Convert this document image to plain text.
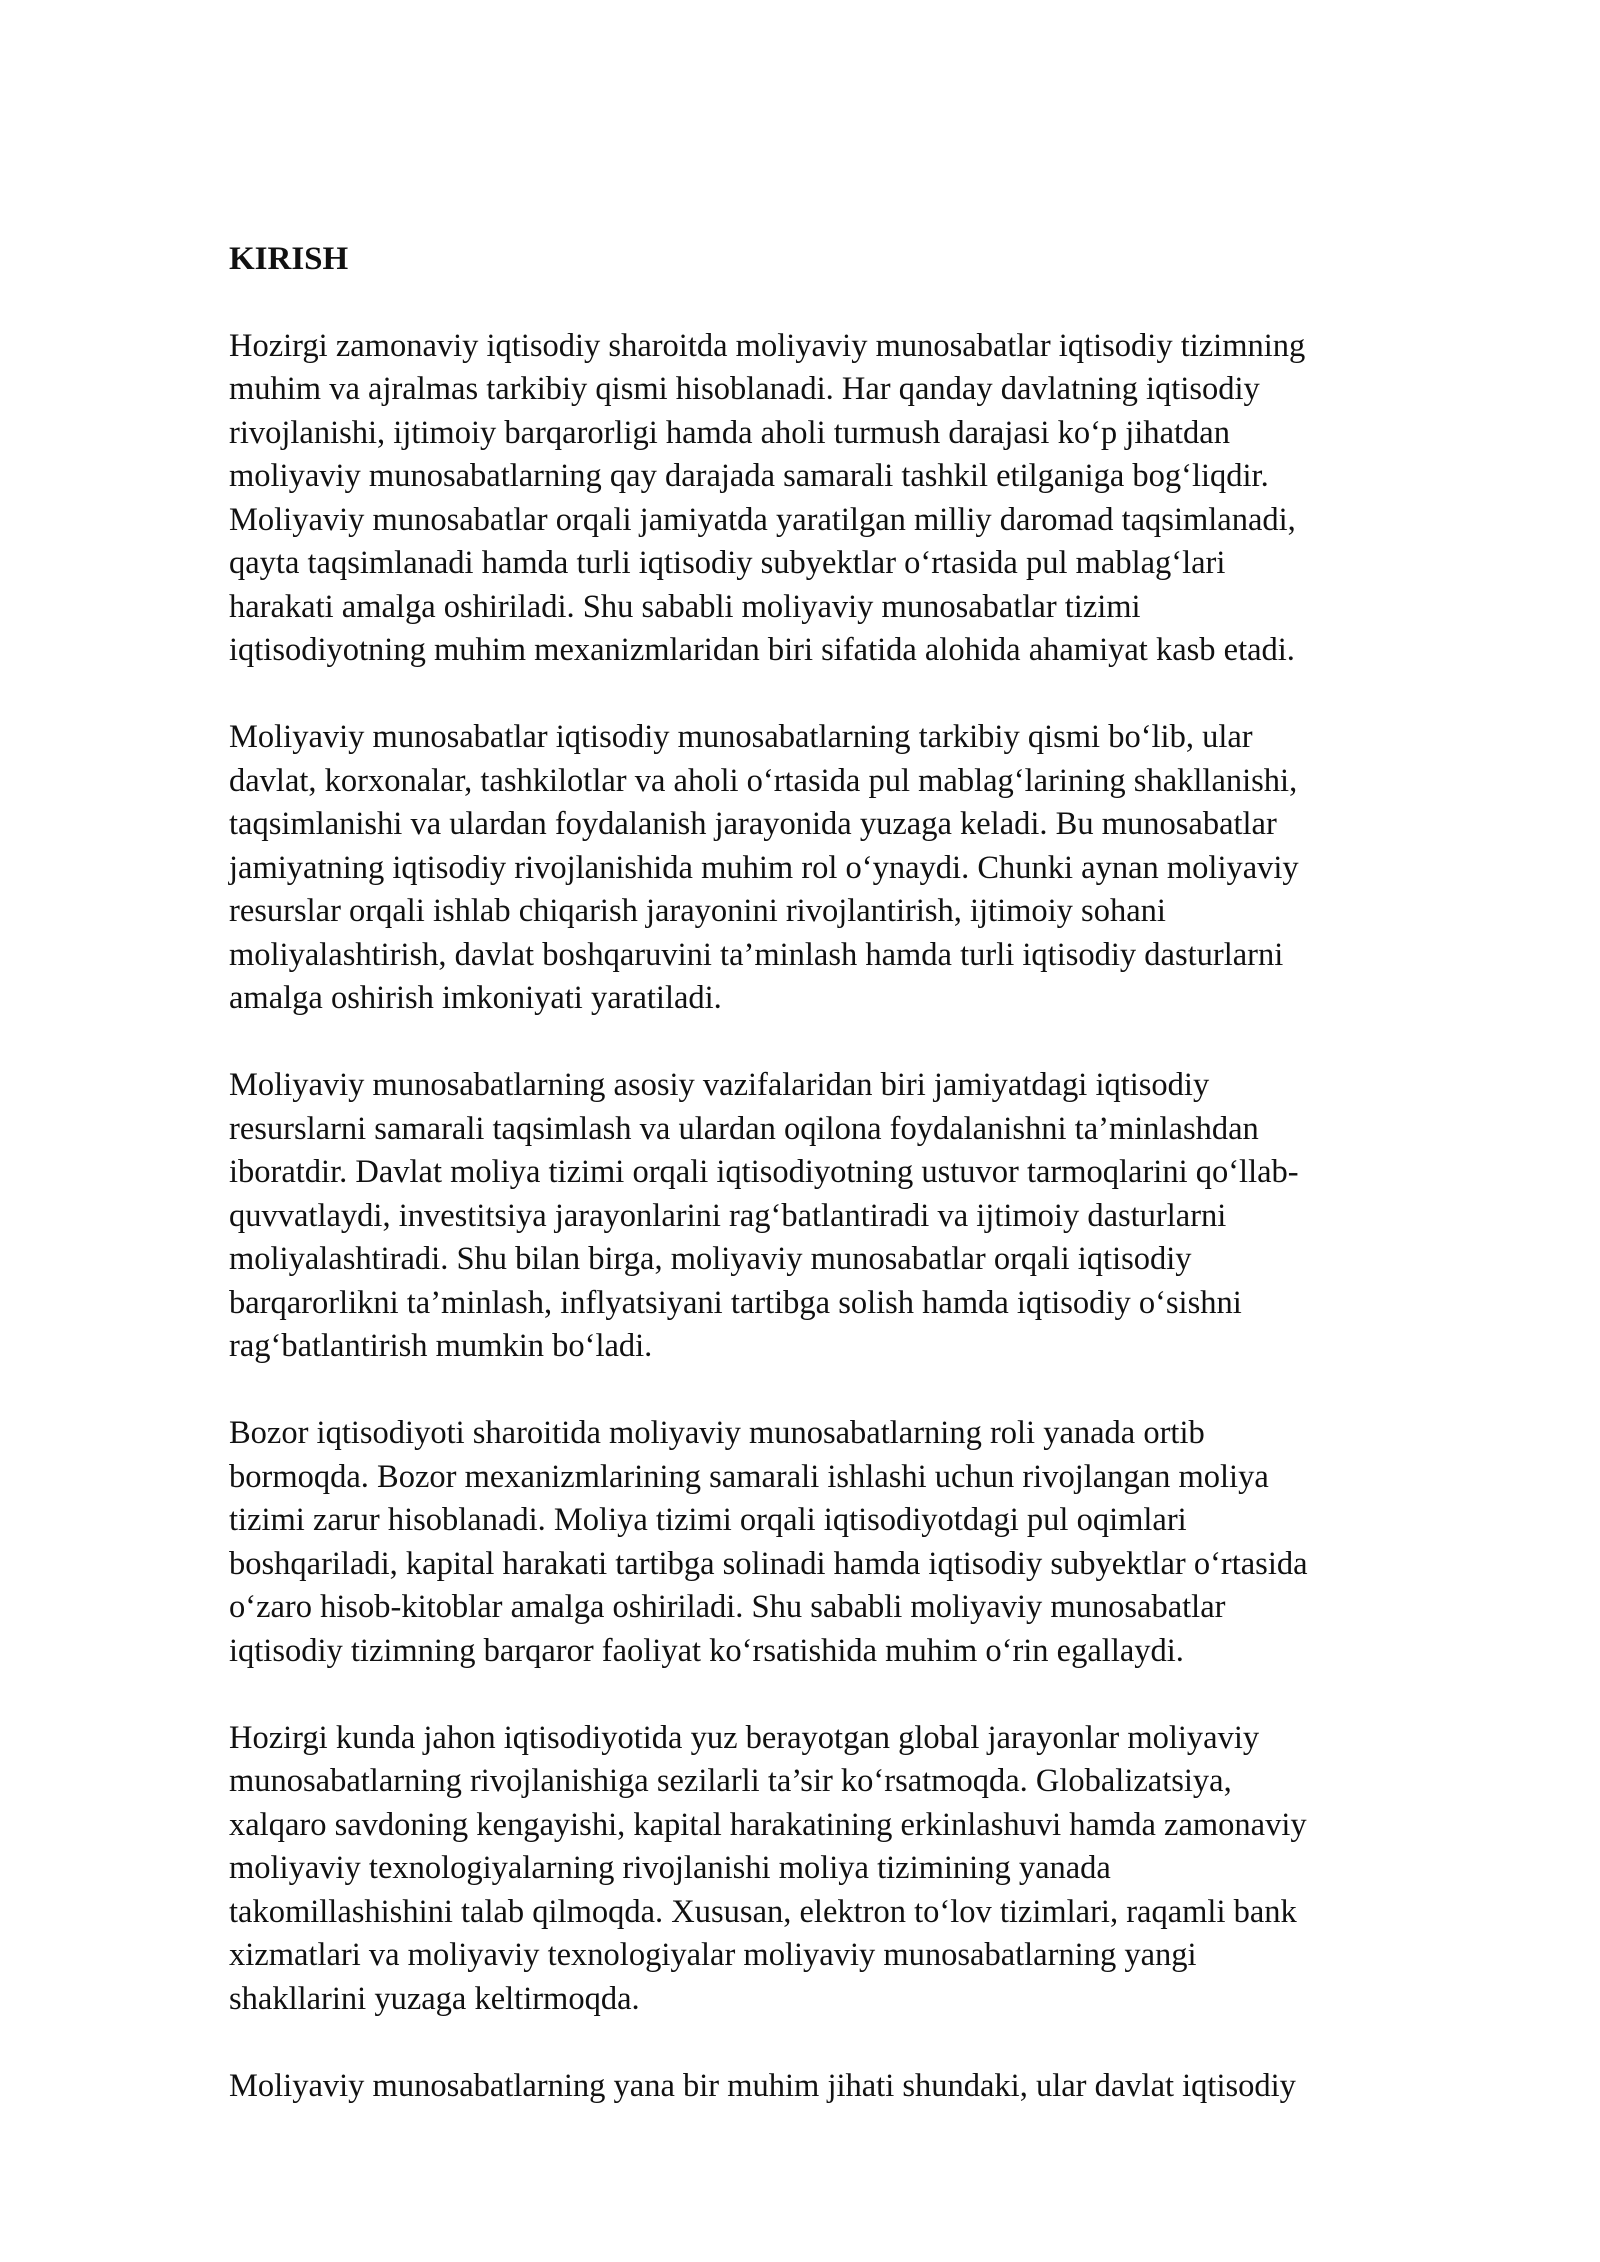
KIRISH

Hozirgi zamonaviy iqtisodiy sharoitda moliyaviy munosabatlar iqtisodiy tizimning
muhim va ajralmas tarkibiy qismi hisoblanadi. Har qanday davlatning iqtisodiy
rivojlanishi, ijtimoiy barqarorligi hamda aholi turmush darajasi ko‘p jihatdan
moliyaviy munosabatlarning qay darajada samarali tashkil etilganiga bog‘liqdir.
Moliyaviy munosabatlar orqali jamiyatda yaratilgan milliy daromad taqsimlanadi,
qayta taqsimlanadi hamda turli iqtisodiy subyektlar o‘rtasida pul mablag‘lari
harakati amalga oshiriladi. Shu sababli moliyaviy munosabatlar tizimi
iqtisodiyotning muhim mexanizmlaridan biri sifatida alohida ahamiyat kasb etadi.

Moliyaviy munosabatlar iqtisodiy munosabatlarning tarkibiy qismi bo‘lib, ular
davlat, korxonalar, tashkilotlar va aholi o‘rtasida pul mablag‘larining shakllanishi,
taqsimlanishi va ulardan foydalanish jarayonida yuzaga keladi. Bu munosabatlar
jamiyatning iqtisodiy rivojlanishida muhim rol o‘ynaydi. Chunki aynan moliyaviy
resurslar orqali ishlab chiqarish jarayonini rivojlantirish, ijtimoiy sohani
moliyalashtirish, davlat boshqaruvini ta’minlash hamda turli iqtisodiy dasturlarni
amalga oshirish imkoniyati yaratiladi.

Moliyaviy munosabatlarning asosiy vazifalaridan biri jamiyatdagi iqtisodiy
resurslarni samarali taqsimlash va ulardan oqilona foydalanishni ta’minlashdan
iboratdir. Davlat moliya tizimi orqali iqtisodiyotning ustuvor tarmoqlarini qo‘llab-
quvvatlaydi, investitsiya jarayonlarini rag‘batlantiradi va ijtimoiy dasturlarni
moliyalashtiradi. Shu bilan birga, moliyaviy munosabatlar orqali iqtisodiy
barqarorlikni ta’minlash, inflyatsiyani tartibga solish hamda iqtisodiy o‘sishni
rag‘batlantirish mumkin bo‘ladi.

Bozor iqtisodiyoti sharoitida moliyaviy munosabatlarning roli yanada ortib
bormoqda. Bozor mexanizmlarining samarali ishlashi uchun rivojlangan moliya
tizimi zarur hisoblanadi. Moliya tizimi orqali iqtisodiyotdagi pul oqimlari
boshqariladi, kapital harakati tartibga solinadi hamda iqtisodiy subyektlar o‘rtasida
o‘zaro hisob-kitoblar amalga oshiriladi. Shu sababli moliyaviy munosabatlar
iqtisodiy tizimning barqaror faoliyat ko‘rsatishida muhim o‘rin egallaydi.

Hozirgi kunda jahon iqtisodiyotida yuz berayotgan global jarayonlar moliyaviy
munosabatlarning rivojlanishiga sezilarli ta’sir ko‘rsatmoqda. Globalizatsiya,
xalqaro savdoning kengayishi, kapital harakatining erkinlashuvi hamda zamonaviy
moliyaviy texnologiyalarning rivojlanishi moliya tizimining yanada
takomillashishini talab qilmoqda. Xususan, elektron to‘lov tizimlari, raqamli bank
xizmatlari va moliyaviy texnologiyalar moliyaviy munosabatlarning yangi
shakllarini yuzaga keltirmoqda.

Moliyaviy munosabatlarning yana bir muhim jihati shundaki, ular davlat iqtisodiy
